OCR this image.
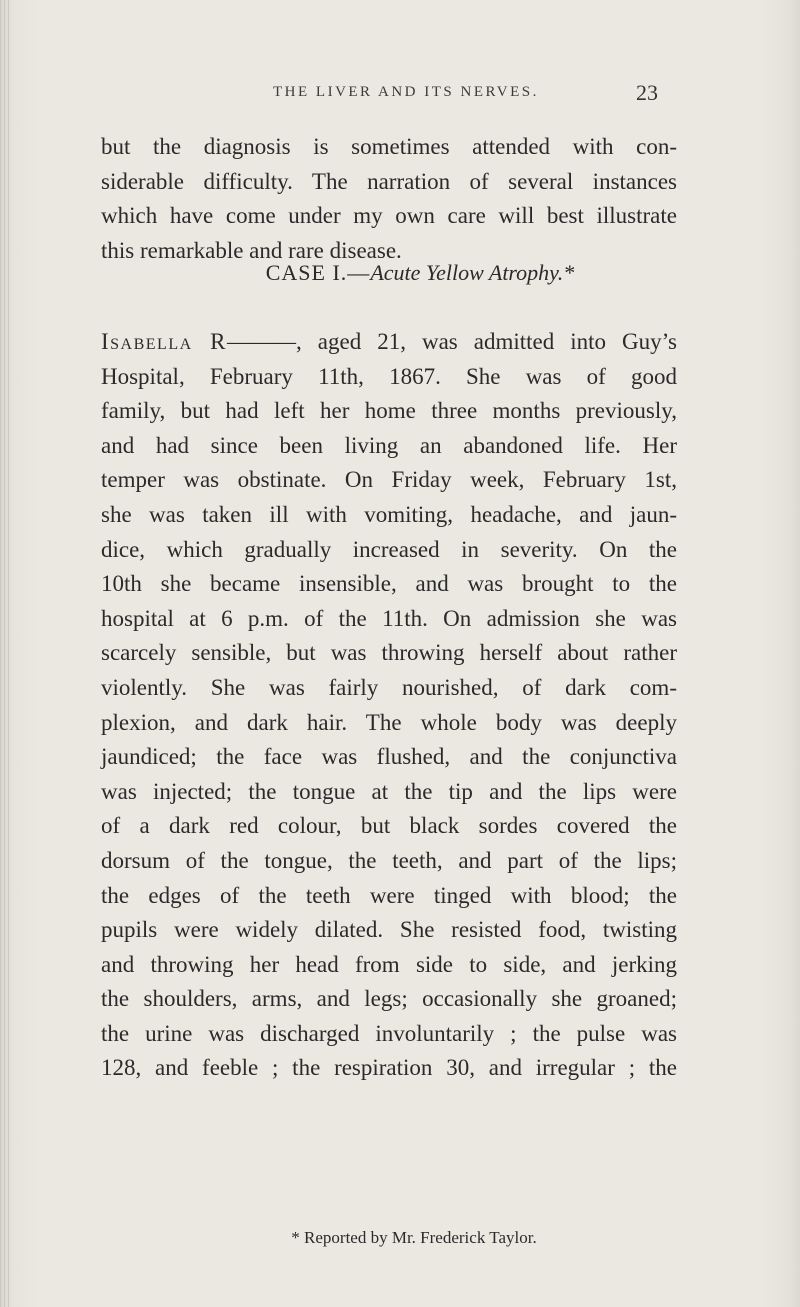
THE LIVER AND ITS NERVES.	23
but the diagnosis is sometimes attended with con-
siderable difficulty. The narration of several instances
which have come under my own care will best illustrate
this remarkable and rare disease.
CASE I.—Acute Yellow Atrophy.*
Isabella R———, aged 21, was admitted into Guy’s
Hospital, February 11th, 1867. She was of good
family, but had left her home three months previously,
and had since been living an abandoned life. Her
temper was obstinate. On Friday week, February 1st,
she was taken ill with vomiting, headache, and jaun-
dice, which gradually increased in severity. On the
10th she became insensible, and was brought to the
hospital at 6 p.m. of the 11th. On admission she was
scarcely sensible, but was throwing herself about rather
violently. She was fairly nourished, of dark com-
plexion, and dark hair. The whole body was deeply
jaundiced; the face was flushed, and the conjunctiva
was injected; the tongue at the tip and the lips were
of a dark red colour, but black sordes covered the
dorsum of the tongue, the teeth, and part of the lips;
the edges of the teeth were tinged with blood; the
pupils were widely dilated. She resisted food, twisting
and throwing her head from side to side, and jerking
the shoulders, arms, and legs; occasionally she groaned;
the urine was discharged involuntarily ; the pulse was
128, and feeble ; the respiration 30, and irregular ; the
* Reported by Mr. Frederick Taylor.
